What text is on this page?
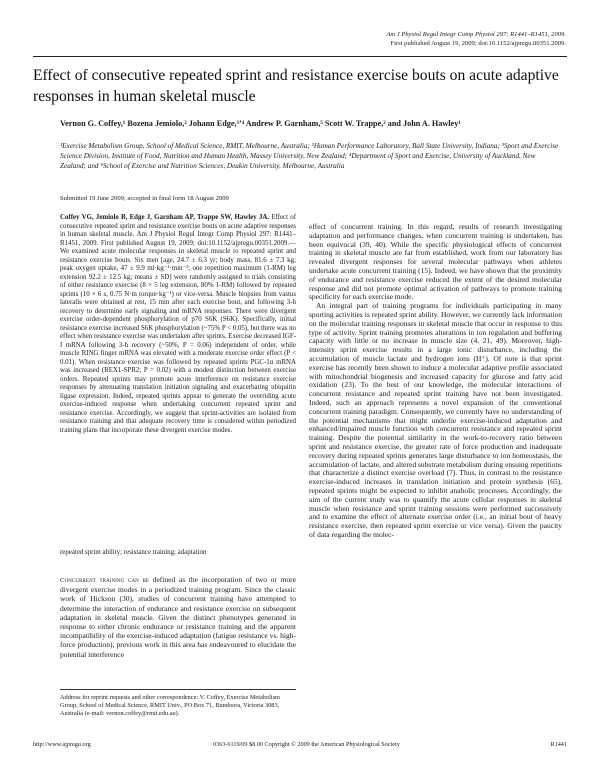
Am J Physiol Regul Integr Comp Physiol 297: R1441–R1451, 2009.
First published August 19, 2009; doi:10.1152/ajpregu.00351.2009.
Effect of consecutive repeated sprint and resistance exercise bouts on acute adaptive responses in human skeletal muscle
Vernon G. Coffey,¹ Bozena Jemiolo,² Johann Edge,³ʼ⁴ Andrew P. Garnham,⁵ Scott W. Trappe,² and John A. Hawley¹
¹Exercise Metabolism Group, School of Medical Science, RMIT, Melbourne, Australia; ²Human Performance Laboratory, Ball State University, Indiana; ³Sport and Exercise Science Division, Institute of Food, Nutrition and Human Health, Massey University, New Zealand; ⁴Department of Sport and Exercise, University of Auckland, New Zealand; and ⁵School of Exercise and Nutrition Sciences, Deakin University, Melbourne, Australia
Submitted 19 June 2009; accepted in final form 18 August 2009
Coffey VG, Jemiolo B, Edge J, Garnham AP, Trappe SW, Hawley JA. Effect of consecutive repeated sprint and resistance exercise bouts on acute adaptive responses in human skeletal muscle. Am J Physiol Regul Integr Comp Physiol 297: R1441–R1451, 2009. First published August 19, 2009; doi:10.1152/ajpregu.00351.2009.—We examined acute molecular responses in skeletal muscle to repeated sprint and resistance exercise bouts. Six men [age, 24.7 ± 6.3 yr; body mass, 81.6 ± 7.3 kg; peak oxygen uptake, 47 ± 9.9 ml·kg⁻¹·min⁻¹; one repetition maximum (1-RM) leg extension 92.2 ± 12.5 kg; means ± SD] were randomly assigned to trials consisting of either resistance exercise (8 × 5 leg extension, 80% 1-RM) followed by repeated sprints (10 × 6 s, 0.75 N·m torque·kg⁻¹) or vice-versa. Muscle biopsies from vastus lateralis were obtained at rest, 15 min after each exercise bout, and following 3-h recovery to determine early signaling and mRNA responses. There were divergent exercise order-dependent phosphorylation of p70 S6K (S6K). Specifically, initial resistance exercise increased S6K phosphorylation (~75% P < 0.05), but there was no effect when resistance exercise was undertaken after sprints. Exercise decreased IGF-I mRNA following 3-h recovery (~50%, P = 0.06) independent of order, while muscle RING finger mRNA was elevated with a moderate exercise order effect (P < 0.01). When resistance exercise was followed by repeated sprints PGC-1α mRNA was increased (REX1-SPR2; P = 0.02) with a modest distinction between exercise orders. Repeated sprints may promote acute interference on resistance exercise responses by attenuating translation initiation signaling and exacerbating ubiquitin ligase expression. Indeed, repeated sprints appear to generate the overriding acute exercise-induced response when undertaking concurrent repeated sprint and resistance exercise. Accordingly, we suggest that sprint-activities are isolated from resistance training and that adequate recovery time is considered within periodized training plans that incorporate these divergent exercise modes.
repeated sprint ability; resistance training; adaptation
Concurrent training can be defined as the incorporation of two or more divergent exercise modes in a periodized training program. Since the classic work of Hickson (30), studies of concurrent training have attempted to determine the interaction of endurance and resistance exercise on subsequent adaptation in skeletal muscle. Given the distinct phenotypes generated in response to either chronic endurance or resistance training and the apparent incompatibility of the exercise-induced adaptation (fatigue resistance vs. high-force production), previous work in this area has endeavoured to elucidate the potential interference
Address for reprint requests and other correspondence: V. Coffey, Exercise Metabolism Group, School of Medical Science, RMIT Univ., PO Box 71, Bundoora, Victoria 3083, Australia (e-mail: vernon.coffey@rmit.edu.au).

effect of concurrent training. In this regard, results of research investigating adaptation and performance changes, when concurrent training is undertaken, has been equivocal (39, 40). While the specific physiological effects of concurrent training in skeletal muscle are far from established, work from our laboratory has revealed divergent responses for several molecular pathways when athletes undertake acute concurrent training (15). Indeed, we have shown that the proximity of endurance and resistance exercise reduced the extent of the desired molecular response and did not promote optimal activation of pathways to promote training specificity for each exercise mode.

An integral part of training programs for individuals participating in many sporting activities is repeated sprint ability. However, we currently lack information on the molecular training responses in skeletal muscle that occur in response to this type of activity. Sprint training promotes alterations in ion regulation and buffering capacity with little or no increase in muscle size (4, 21, 49). Moreover, high-intensity sprint exercise results in a large ionic disturbance, including the accumulation of muscle lactate and hydrogen ions (H⁺). Of note is that sprint exercise has recently been shown to induce a molecular adaptive profile associated with mitochondrial biogenesis and increased capacity for glucose and fatty acid oxidation (23). To the best of our knowledge, the molecular interactions of concurrent resistance and repeated sprint training have not been investigated. Indeed, such an approach represents a novel expansion of the conventional concurrent training paradigm. Consequently, we currently have no understanding of the potential mechanisms that might underlie exercise-induced adaptation and enhanced/impaired muscle function with concurrent resistance and repeated sprint training. Despite the potential similarity in the work-to-recovery ratio between sprint and resistance exercise, the greater rate of force production and inadequate recovery during repeated sprints generates large disturbance to ion homeostasis, the accumulation of lactate, and altered substrate metabolism during ensuing repetitions that characterize a distinct exercise overload (7). Thus, in contrast to the resistance exercise-induced increases in translation initiation and protein synthesis (65), repeated sprints might be expected to inhibit anabolic processes. Accordingly, the aim of the current study was to quantify the acute cellular responses in skeletal muscle when resistance and sprint training sessions were performed successively and to examine the effect of alternate exercise order (i.e., an initial bout of heavy resistance exercise, then repeated sprint exercise or vice versa). Given the paucity of data regarding the molec-

http://www.ajpregu.org	0363-6119/09 $8.00 Copyright © 2009 the American Physiological Society	R1441
